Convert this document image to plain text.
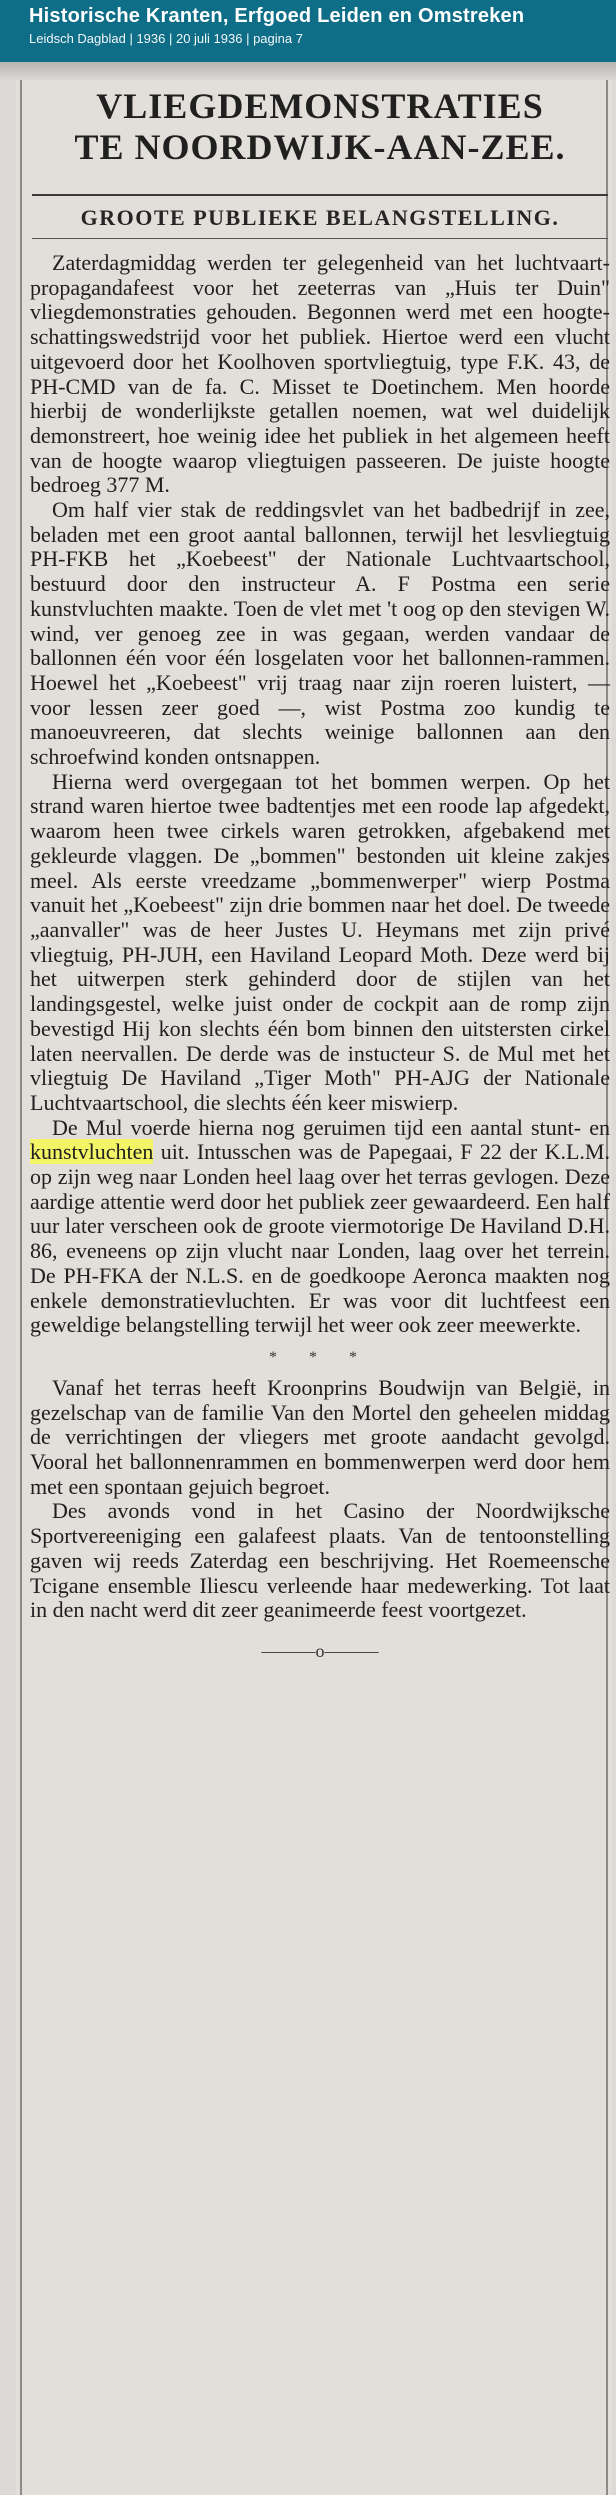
Historische Kranten, Erfgoed Leiden en Omstreken
Leidsch Dagblad | 1936 | 20 juli 1936 | pagina 7
VLIEGDEMONSTRATIES
TE NOORDWIJK-AAN-ZEE.
GROOTE PUBLIEKE BELANGSTELLING.

Zaterdagmiddag werden ter gelegenheid van het luchtvaart-propagandafeest voor het zeeterras van „Huis ter Duin" vliegdemonstraties gehouden. Begonnen werd met een hoogte-schattingswedstrijd voor het publiek. Hiertoe werd een vlucht uitgevoerd door het Koolhoven sportvliegtuig, type F.K. 43, de PH-CMD van de fa. C. Misset te Doetinchem. Men hoorde hierbij de wonderlijkste getallen noemen, wat wel duidelijk demonstreert, hoe weinig idee het publiek in het algemeen heeft van de hoogte waarop vliegtuigen passeeren. De juiste hoogte bedroeg 377 M.

Om half vier stak de reddingsvlet van het badbedrijf in zee, beladen met een groot aantal ballonnen, terwijl het lesvliegtuig PH-FKB het „Koebeest" der Nationale Luchtvaartschool, bestuurd door den instructeur A. F Postma een serie kunstvluchten maakte. Toen de vlet met 't oog op den stevigen W. wind, ver genoeg zee in was gegaan, werden vandaar de ballonnen één voor één losgelaten voor het ballonnen-rammen. Hoewel het „Koebeest" vrij traag naar zijn roeren luistert, — voor lessen zeer goed —, wist Postma zoo kundig te manoeuvreeren, dat slechts weinige ballonnen aan den schroefwind konden ontsnappen.

Hierna werd overgegaan tot het bommen werpen. Op het strand waren hiertoe twee badtentjes met een roode lap afgedekt, waarom heen twee cirkels waren getrokken, afgebakend met gekleurde vlaggen. De „bommen" bestonden uit kleine zakjes meel. Als eerste vreedzame „bommenwerper" wierp Postma vanuit het „Koebeest" zijn drie bommen naar het doel. De tweede „aanvaller" was de heer Justes U. Heymans met zijn privé vliegtuig, PH-JUH, een Haviland Leopard Moth. Deze werd bij het uitwerpen sterk gehinderd door de stijlen van het landingsgestel, welke juist onder de cockpit aan de romp zijn bevestigd Hij kon slechts één bom binnen den uitstersten cirkel laten neervallen. De derde was de instucteur S. de Mul met het vliegtuig De Haviland „Tiger Moth" PH-AJG der Nationale Luchtvaartschool, die slechts één keer miswierp.

De Mul voerde hierna nog geruimen tijd een aantal stunt- en kunstvluchten uit. Intusschen was de Papegaai, F 22 der K.L.M. op zijn weg naar Londen heel laag over het terras gevlogen. Deze aardige attentie werd door het publiek zeer gewaardeerd. Een half uur later verscheen ook de groote viermotorige De Haviland D.H. 86, eveneens op zijn vlucht naar Londen, laag over het terrein. De PH-FKA der N.L.S. en de goedkoope Aeronca maakten nog enkele demonstratievluchten. Er was voor dit luchtfeest een geweldige belangstelling terwijl het weer ook zeer meewerkte.

* * *

Vanaf het terras heeft Kroonprins Boudwijn van België, in gezelschap van de familie Van den Mortel den geheelen middag de verrichtingen der vliegers met groote aandacht gevolgd. Vooral het ballonnenrammen en bommenwerpen werd door hem met een spontaan gejuich begroet.

Des avonds vond in het Casino der Noordwijksche Sportvereeniging een galafeest plaats. Van de tentoonstelling gaven wij reeds Zaterdag een beschrijving. Het Roemeensche Tcigane ensemble Iliescu verleende haar medewerking. Tot laat in den nacht werd dit zeer geanimeerde feest voortgezet.

———o———
